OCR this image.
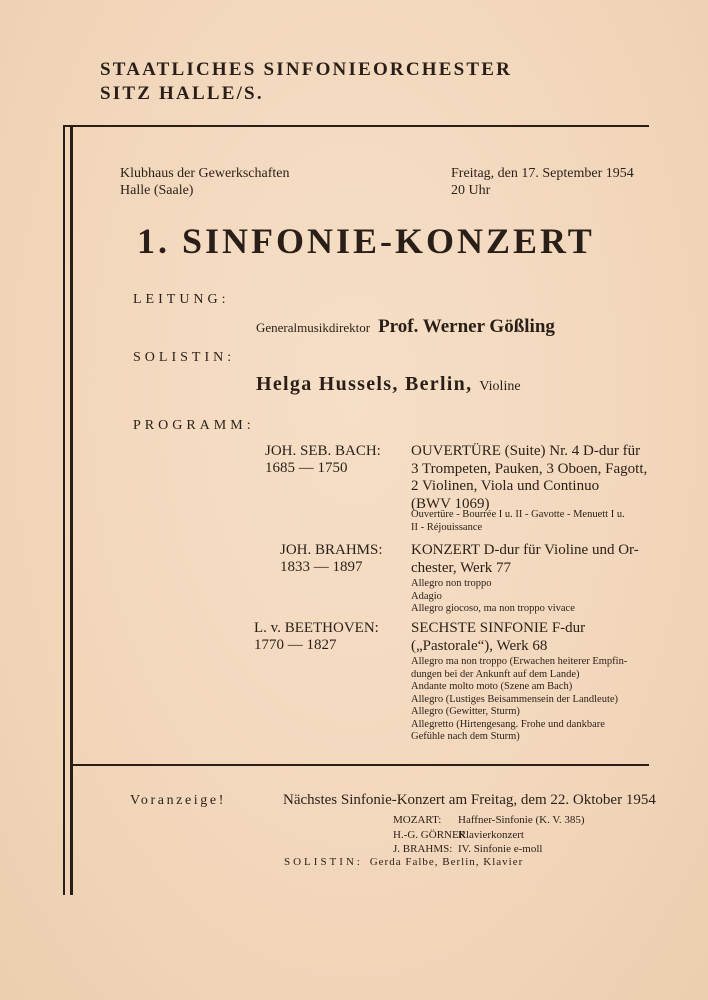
STAATLICHES SINFONIEORCHESTER
SITZ HALLE/S.
Klubhaus der Gewerkschaften
Halle (Saale)
Freitag, den 17. September 1954
20 Uhr
1. SINFONIE-KONZERT
LEITUNG:
Generalmusikdirektor Prof. Werner Gößling
SOLISTIN:
Helga Hussels, Berlin, Violine
PROGRAMM:
JOH. SEB. BACH:
1685 — 1750
OUVERTÜRE (Suite) Nr. 4 D-dur für
3 Trompeten, Pauken, 3 Oboen, Fagott,
2 Violinen, Viola und Continuo
(BWV 1069)
Ouvertüre - Bourrée I u. II - Gavotte - Menuett I u.
II - Réjouissance
JOH. BRAHMS:
1833 — 1897
KONZERT D-dur für Violine und Or-
chester, Werk 77
Allegro non troppo
Adagio
Allegro giocoso, ma non troppo vivace
L. v. BEETHOVEN:
1770 — 1827
SECHSTE SINFONIE F-dur
(„Pastorale“), Werk 68
Allegro ma non troppo (Erwachen heiterer Empfin-
dungen bei der Ankunft auf dem Lande)
Andante molto moto (Szene am Bach)
Allegro (Lustiges Beisammensein der Landleute)
Allegro (Gewitter, Sturm)
Allegretto (Hirtengesang. Frohe und dankbare
Gefühle nach dem Sturm)
Voranzeige!	Nächstes Sinfonie-Konzert am Freitag, dem 22. Oktober 1954
MOZART: Haffner-Sinfonie (K. V. 385)
H.-G. GÖRNERKlavierkonzert
J. BRAHMS: IV. Sinfonie e-moll
SOLISTIN: Gerda Falbe, Berlin, Klavier
